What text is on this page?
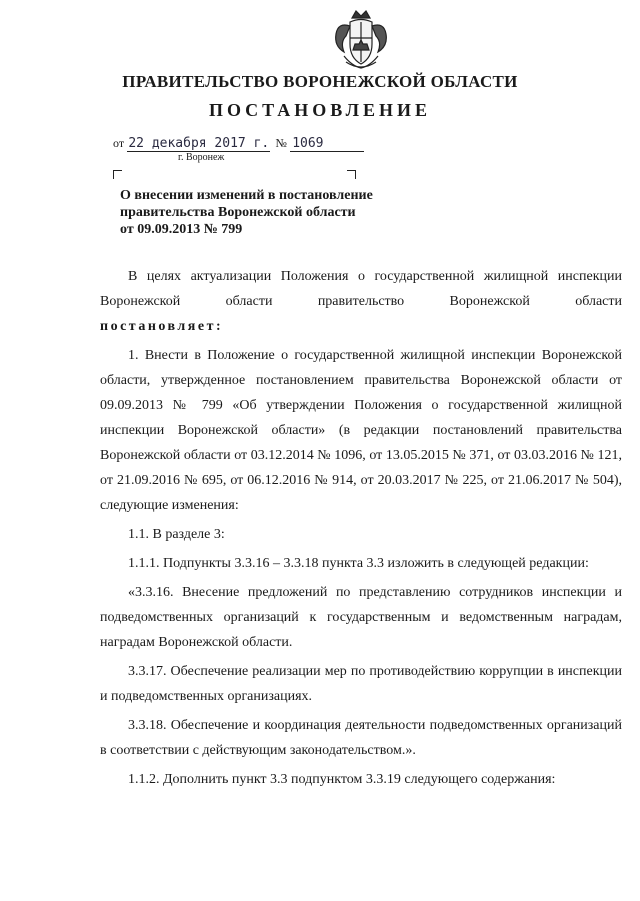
ПРАВИТЕЛЬСТВО ВОРОНЕЖСКОЙ ОБЛАСТИ
ПОСТАНОВЛЕНИЕ
от 22 декабря 2017 г. № 1069
г. Воронеж
О внесении изменений в постановление
правительства Воронежской области
от 09.09.2013 № 799

В целях актуализации Положения о государственной жилищной инспекции

Воронежской области правительство Воронежской области

постановляет:

1. Внести в Положение о государственной жилищной инспекции Воронежской области, утвержденное постановлением правительства Воронежской области от 09.09.2013 № 799 «Об утверждении Положения о государственной жилищной инспекции Воронежской области» (в редакции постановлений правительства Воронежской области от 03.12.2014 № 1096, от 13.05.2015 № 371, от 03.03.2016 № 121, от 21.09.2016 № 695, от 06.12.2016 № 914, от 20.03.2017 № 225, от 21.06.2017 № 504), следующие изменения:

1.1. В разделе 3:

1.1.1. Подпункты 3.3.16 – 3.3.18 пункта 3.3 изложить в следующей редакции:

«3.3.16. Внесение предложений по представлению сотрудников инспекции и подведомственных организаций к государственным и ведомственным наградам, наградам Воронежской области.

3.3.17. Обеспечение реализации мер по противодействию коррупции в инспекции и подведомственных организациях.

3.3.18. Обеспечение и координация деятельности подведомственных организаций в соответствии с действующим законодательством.».

1.1.2. Дополнить пункт 3.3 подпунктом 3.3.19 следующего содержания:
